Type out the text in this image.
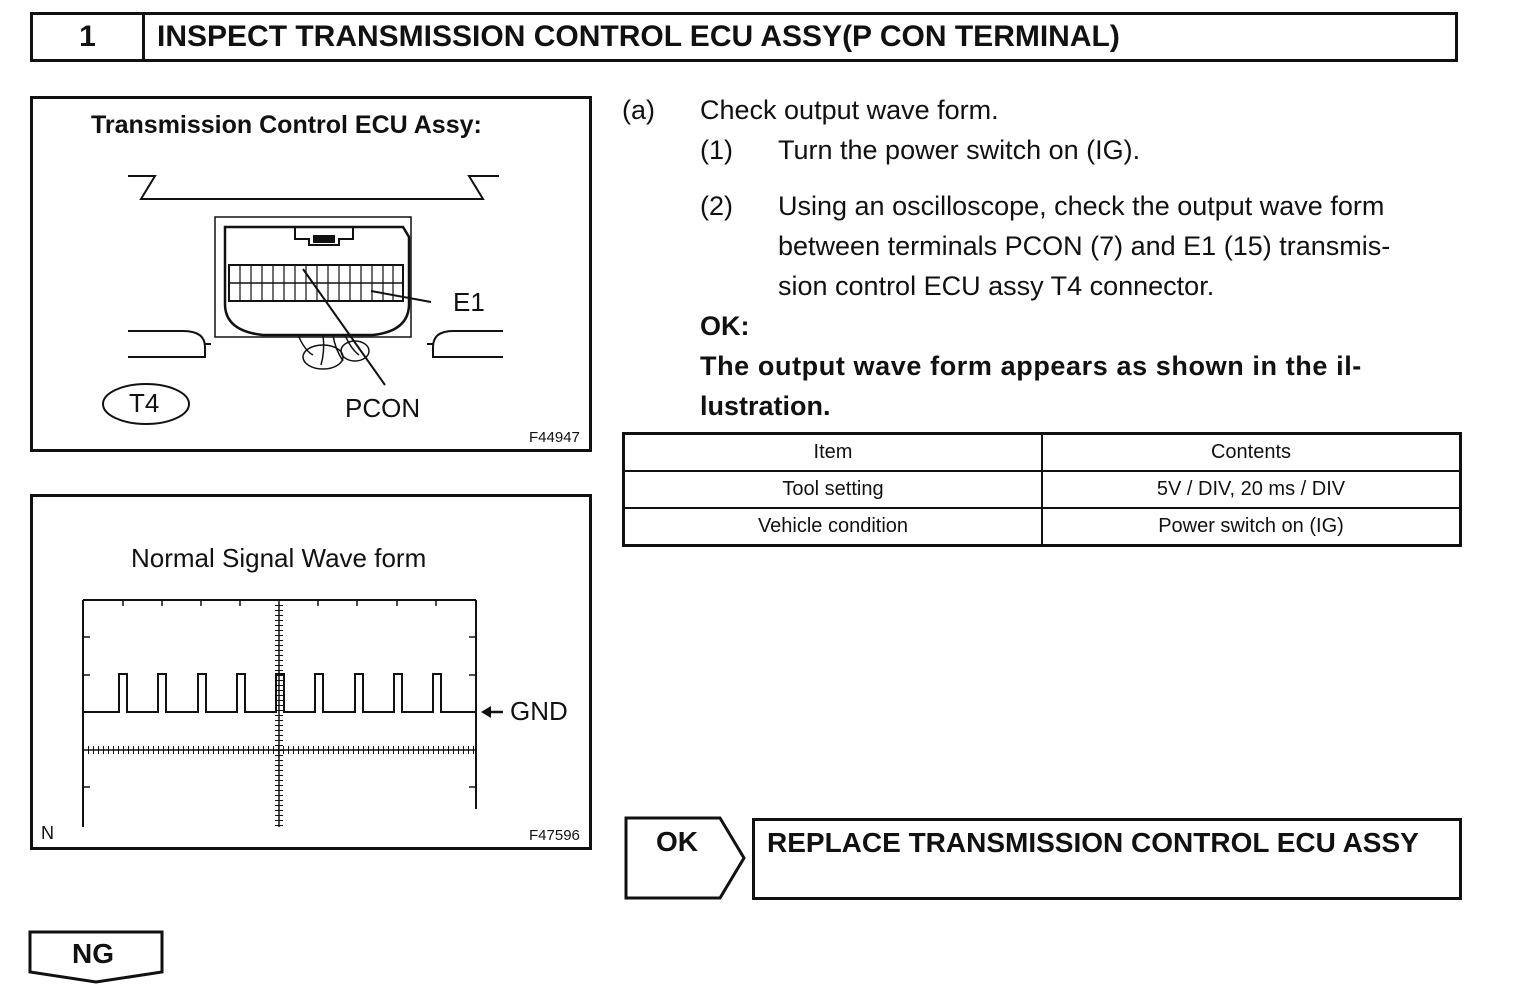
1	INSPECT TRANSMISSION CONTROL ECU ASSY(P CON TERMINAL)
Transmission Control ECU Assy:
E1
PCON
T4
F44947
Normal Signal Wave form
GND
N	F47596
(a) Check output wave form.
(1) Turn the power switch on (IG).
(2) Using an oscilloscope, check the output wave form
between terminals PCON (7) and E1 (15) transmis-
sion control ECU assy T4 connector.
OK:
The output wave form appears as shown in the il-
lustration.
Item	Contents
Tool setting	5V / DIV, 20 ms / DIV
Vehicle condition	Power switch on (IG)
OK REPLACE TRANSMISSION CONTROL ECU ASSY
NG
